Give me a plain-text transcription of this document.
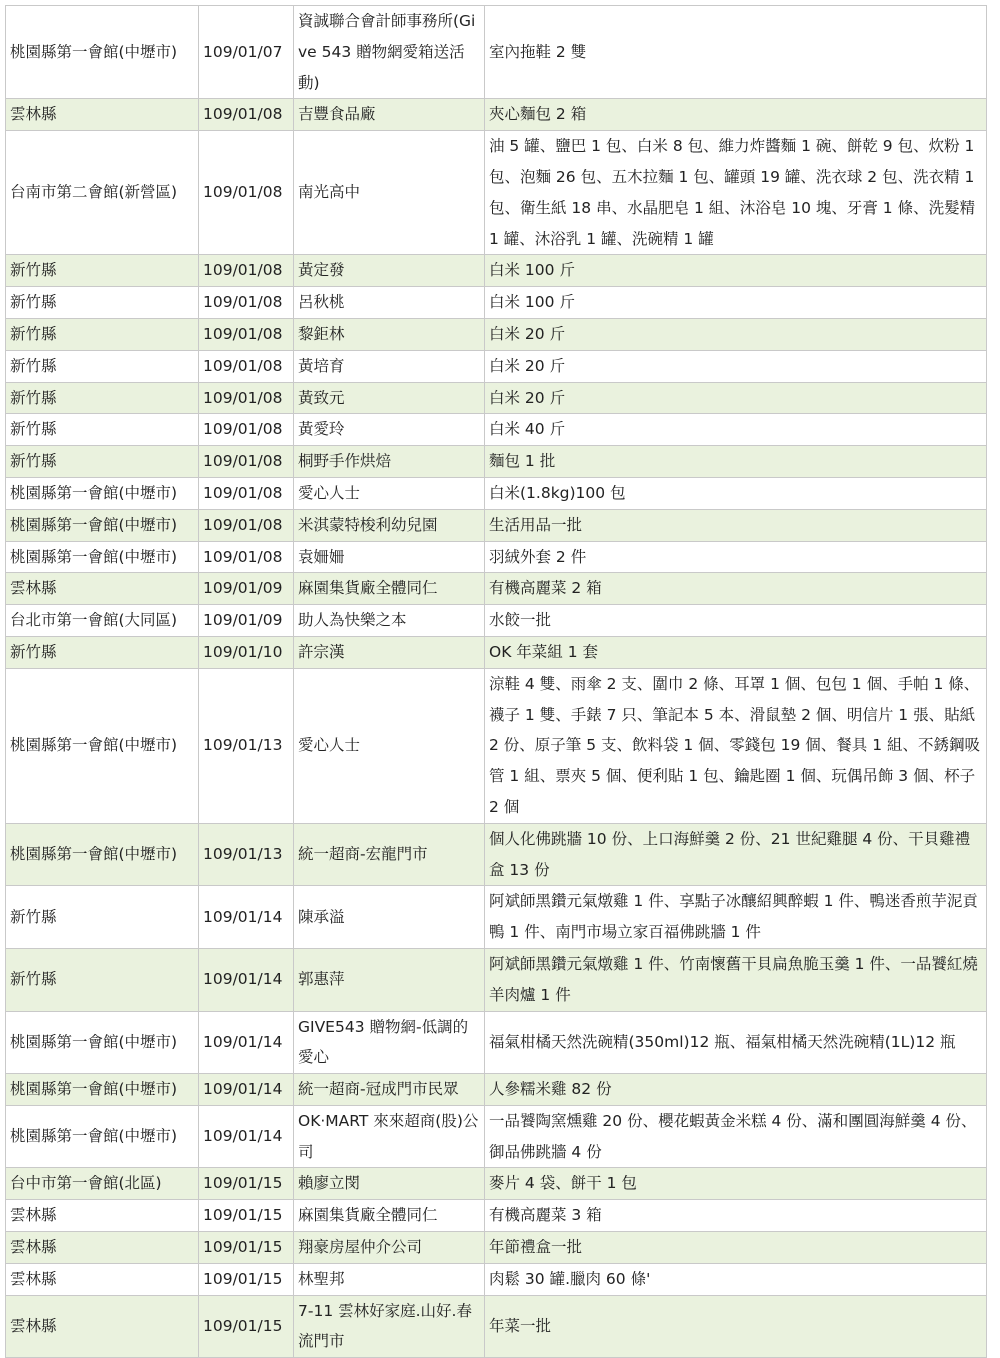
桃園縣第一會館(中壢市)	109/01/07	資誠聯合會計師事務所(Give 543 贈物網愛箱送活動)	室內拖鞋 2 雙
雲林縣	109/01/08	吉豐食品廠	夾心麵包 2 箱
台南市第二會館(新營區)	109/01/08	南光高中	油 5 罐、鹽巴 1 包、白米 8 包、維力炸醬麵 1 碗、餅乾 9 包、炊粉 1 包、泡麵 26 包、五木拉麵 1 包、罐頭 19 罐、洗衣球 2 包、洗衣精 1 包、衛生紙 18 串、水晶肥皂 1 組、沐浴皂 10 塊、牙膏 1 條、洗髮精 1 罐、沐浴乳 1 罐、洗碗精 1 罐
新竹縣	109/01/08	黃定發	白米 100 斤
新竹縣	109/01/08	呂秋桃	白米 100 斤
新竹縣	109/01/08	黎鉅林	白米 20 斤
新竹縣	109/01/08	黃培育	白米 20 斤
新竹縣	109/01/08	黃致元	白米 20 斤
新竹縣	109/01/08	黃愛玲	白米 40 斤
新竹縣	109/01/08	桐野手作烘焙	麵包 1 批
桃園縣第一會館(中壢市)	109/01/08	愛心人士	白米(1.8kg)100 包
桃園縣第一會館(中壢市)	109/01/08	米淇蒙特梭利幼兒園	生活用品一批
桃園縣第一會館(中壢市)	109/01/08	袁姍姍	羽絨外套 2 件
雲林縣	109/01/09	麻園集貨廠全體同仁	有機高麗菜 2 箱
台北市第一會館(大同區)	109/01/09	助人為快樂之本	水餃一批
新竹縣	109/01/10	許宗漢	OK 年菜組 1 套
桃園縣第一會館(中壢市)	109/01/13	愛心人士	涼鞋 4 雙、雨傘 2 支、圍巾 2 條、耳罩 1 個、包包 1 個、手帕 1 條、襪子 1 雙、手錶 7 只、筆記本 5 本、滑鼠墊 2 個、明信片 1 張、貼紙 2 份、原子筆 5 支、飲料袋 1 個、零錢包 19 個、餐具 1 組、不銹鋼吸管 1 組、票夾 5 個、便利貼 1 包、鑰匙圈 1 個、玩偶吊飾 3 個、杯子 2 個
桃園縣第一會館(中壢市)	109/01/13	統一超商-宏龍門市	個人化佛跳牆 10 份、上口海鮮羹 2 份、21 世紀雞腿 4 份、干貝雞禮盒 13 份
新竹縣	109/01/14	陳承溢	阿斌師黑鑽元氣燉雞 1 件、享點子冰釀紹興醉蝦 1 件、鴨迷香煎芋泥貢鴨 1 件、南門市場立家百福佛跳牆 1 件
新竹縣	109/01/14	郭惠萍	阿斌師黑鑽元氣燉雞 1 件、竹南懷舊干貝扁魚脆玉羹 1 件、一品饕紅燒羊肉爐 1 件
桃園縣第一會館(中壢市)	109/01/14	GIVE543 贈物網-低調的愛心	福氣柑橘天然洗碗精(350ml)12 瓶、福氣柑橘天然洗碗精(1L)12 瓶
桃園縣第一會館(中壢市)	109/01/14	統一超商-冠成門市民眾	人參糯米雞 82 份
桃園縣第一會館(中壢市)	109/01/14	OK·MART 來來超商(股)公司	一品饕陶窯燻雞 20 份、櫻花蝦黃金米糕 4 份、滿和團圓海鮮羹 4 份、御品佛跳牆 4 份
台中市第一會館(北區)	109/01/15	賴廖立閔	麥片 4 袋、餅干 1 包
雲林縣	109/01/15	麻園集貨廠全體同仁	有機高麗菜 3 箱
雲林縣	109/01/15	翔豪房屋仲介公司	年節禮盒一批
雲林縣	109/01/15	林聖邦	肉鬆 30 罐.臘肉 60 條'
雲林縣	109/01/15	7-11 雲林好家庭.山好.春流門市	年菜一批
